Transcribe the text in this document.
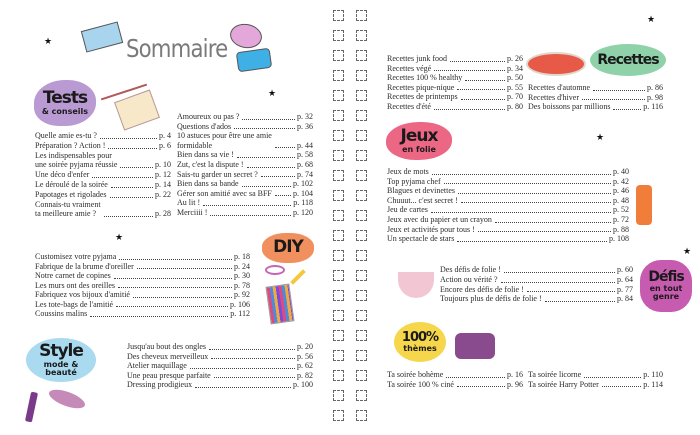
Sommaire
Tests
& conseils
DIY
Style
mode & beauté
Recettes
Jeux
en folie
Défis
en tout genre
100%
thèmes
★
★
★
★
★
★
Quelle amie es-tu ?	p. 4
Préparation ? Action !	p. 6
Les indispensables pour
une soirée pyjama réussie	p. 10
Une déco d'enfer	p. 12
Le déroulé de la soirée	p. 14
Papotages et rigolades	p. 22
Connais-tu vraiment
ta meilleure amie ?	p. 28
Amoureux ou pas ?	p. 32
Questions d'ados	p. 36
10 astuces pour être une amie
formidable	p. 44
Bien dans sa vie !	p. 58
Zut, c'est la dispute !	p. 68
Sais-tu garder un secret ?	p. 74
Bien dans sa bande	p. 102
Gérer son amitié avec sa BFF	p. 104
Au lit !	p. 118
Merciiii !	p. 120
Customisez votre pyjama	p. 18
Fabrique de la brume d'oreiller	p. 24
Notre carnet de copines	p. 30
Les murs ont des oreilles	p. 78
Fabriquez vos bijoux d'amitié	p. 92
Les tote-bags de l'amitié	p. 106
Coussins malins	p. 112
Jusqu'au bout des ongles	p. 20
Des cheveux merveilleux	p. 56
Atelier maquillage	p. 62
Une peau presque parfaite	p. 82
Dressing prodigieux	p. 100
Recettes junk food	p. 26
Recettes végé	p. 34
Recettes 100 % healthy	p. 50
Recettes pique-nique	p. 55
Recettes de printemps	p. 70
Recettes d'été	p. 80
Recettes d'automne	p. 86
Recettes d'hiver	p. 98
Des boissons par millions	p. 116
Jeux de mots	p. 40
Top pyjama chef	p. 42
Blagues et devinettes	p. 46
Chuuut... c'est secret !	p. 48
Jeu de cartes	p. 52
Jeux avec du papier et un crayon	p. 72
Jeux et activités pour tous !	p. 88
Un spectacle de stars	p. 108
Des défis de folie !	p. 60
Action ou vérité ?	p. 64
Encore des défis de folie !	p. 77
Toujours plus de défis de folie !	p. 84
Ta soirée bohème	p. 16
Ta soirée 100 % ciné	p. 96
Ta soirée licorne	p. 110
Ta soirée Harry Potter	p. 114
